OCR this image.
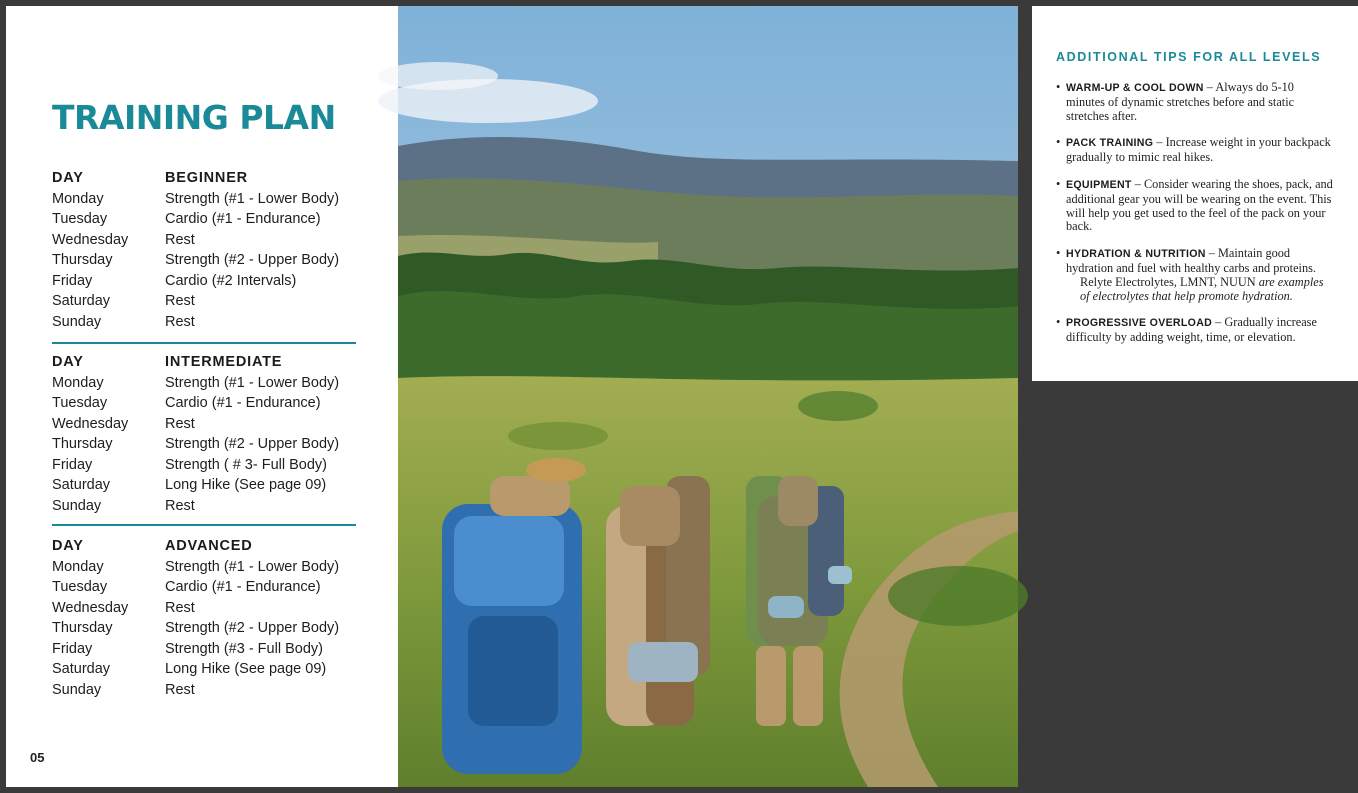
TRAINING PLAN
DAY	BEGINNER
Monday	Strength (#1 - Lower Body)
Tuesday	Cardio (#1 - Endurance)
Wednesday	Rest
Thursday	Strength (#2 - Upper Body)
Friday	Cardio (#2 Intervals)
Saturday	Rest
Sunday	Rest
DAY	INTERMEDIATE
Monday	Strength (#1 - Lower Body)
Tuesday	Cardio (#1 - Endurance)
Wednesday	Rest
Thursday	Strength (#2 - Upper Body)
Friday	Strength ( # 3- Full Body)
Saturday	Long Hike (See page 09)
Sunday	Rest
DAY	ADVANCED
Monday	Strength (#1 - Lower Body)
Tuesday	Cardio (#1 - Endurance)
Wednesday	Rest
Thursday	Strength (#2 - Upper Body)
Friday	Strength (#3 - Full Body)
Saturday	Long Hike (See page 09)
Sunday	Rest
05
ADDITIONAL TIPS FOR ALL LEVELS
• WARM-UP & COOL DOWN – Always do 5-10 minutes of dynamic stretches before and static stretches after.
• PACK TRAINING – Increase weight in your backpack gradually to mimic real hikes.
• EQUIPMENT – Consider wearing the shoes, pack, and additional gear you will be wearing on the event. This will help you get used to the feel of the pack on your back.
• HYDRATION & NUTRITION – Maintain good hydration and fuel with healthy carbs and proteins.
Relyte Electrolytes, LMNT, NUUN are examples of electrolytes that help promote hydration.
• PROGRESSIVE OVERLOAD – Gradually increase difficulty by adding weight, time, or elevation.
